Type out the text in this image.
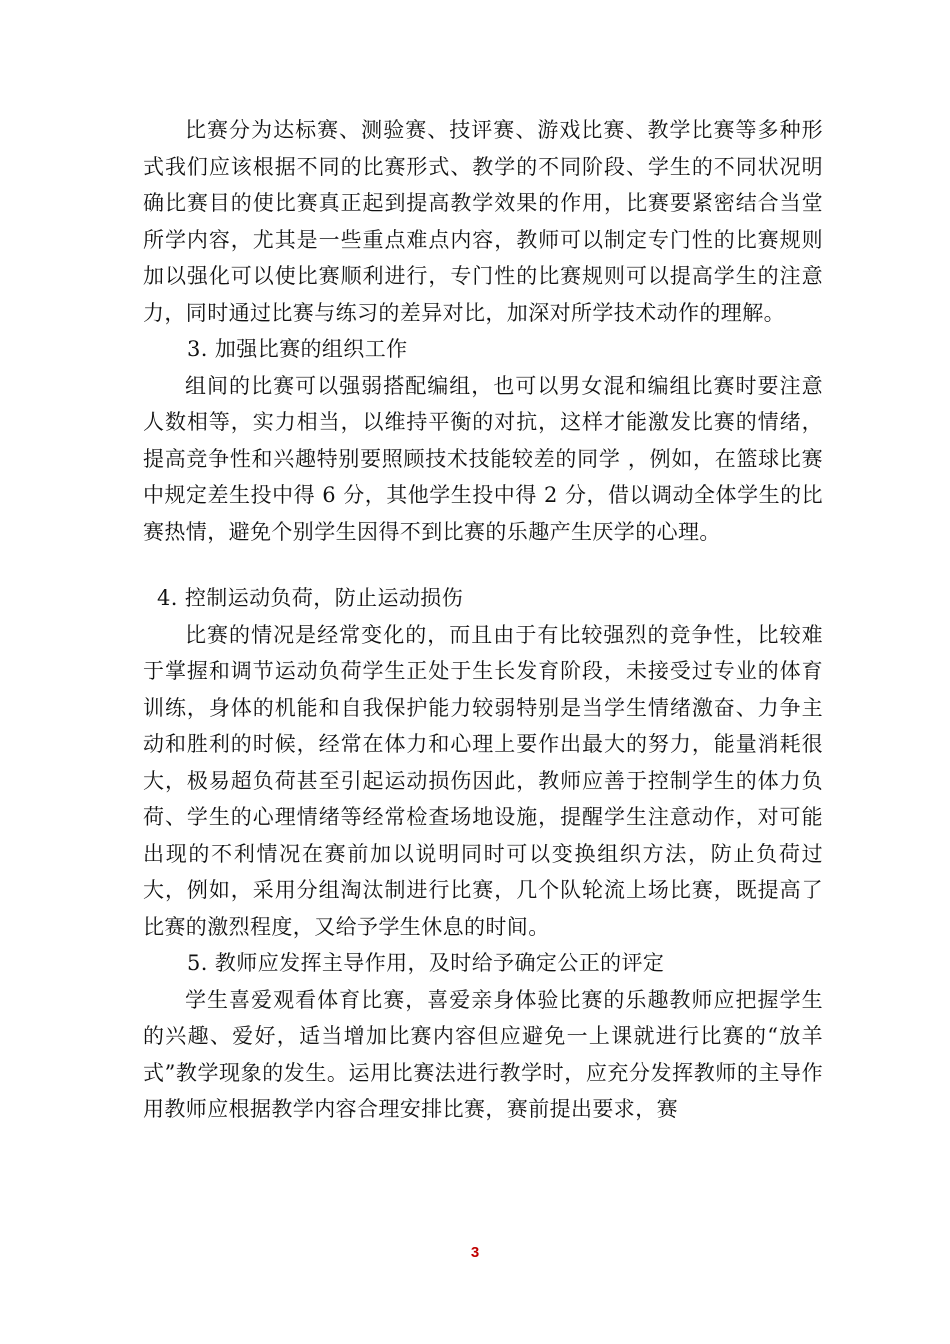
比赛分为达标赛、测验赛、技评赛、游戏比赛、教学比赛等多种形式我们应该根据不同的比赛形式、教学的不同阶段、学生的不同状况明确比赛目的使比赛真正起到提高教学效果的作用，比赛要紧密结合当堂所学内容，尤其是一些重点难点内容，教师可以制定专门性的比赛规则加以强化可以使比赛顺利进行，专门性的比赛规则可以提高学生的注意力，同时通过比赛与练习的差异对比，加深对所学技术动作的理解。

3. 加强比赛的组织工作

组间的比赛可以强弱搭配编组，也可以男女混和编组比赛时要注意人数相等，实力相当，以维持平衡的对抗，这样才能激发比赛的情绪，提高竞争性和兴趣特别要照顾技术技能较差的同学 ，例如，在篮球比赛中规定差生投中得 6 分，其他学生投中得 2 分，借以调动全体学生的比赛热情，避免个别学生因得不到比赛的乐趣产生厌学的心理。

4. 控制运动负荷，防止运动损伤

比赛的情况是经常变化的，而且由于有比较强烈的竞争性，比较难于掌握和调节运动负荷学生正处于生长发育阶段，未接受过专业的体育训练，身体的机能和自我保护能力较弱特别是当学生情绪激奋、力争主动和胜利的时候，经常在体力和心理上要作出最大的努力，能量消耗很大，极易超负荷甚至引起运动损伤因此，教师应善于控制学生的体力负荷、学生的心理情绪等经常检查场地设施，提醒学生注意动作，对可能出现的不利情况在赛前加以说明同时可以变换组织方法，防止负荷过大，例如，采用分组淘汰制进行比赛，几个队轮流上场比赛，既提高了比赛的激烈程度，又给予学生休息的时间。

5. 教师应发挥主导作用，及时给予确定公正的评定

学生喜爱观看体育比赛，喜爱亲身体验比赛的乐趣教师应把握学生的兴趣、爱好，适当增加比赛内容但应避免一上课就进行比赛的“放羊式”教学现象的发生。运用比赛法进行教学时，应充分发挥教师的主导作用教师应根据教学内容合理安排比赛，赛前提出要求，赛

3
